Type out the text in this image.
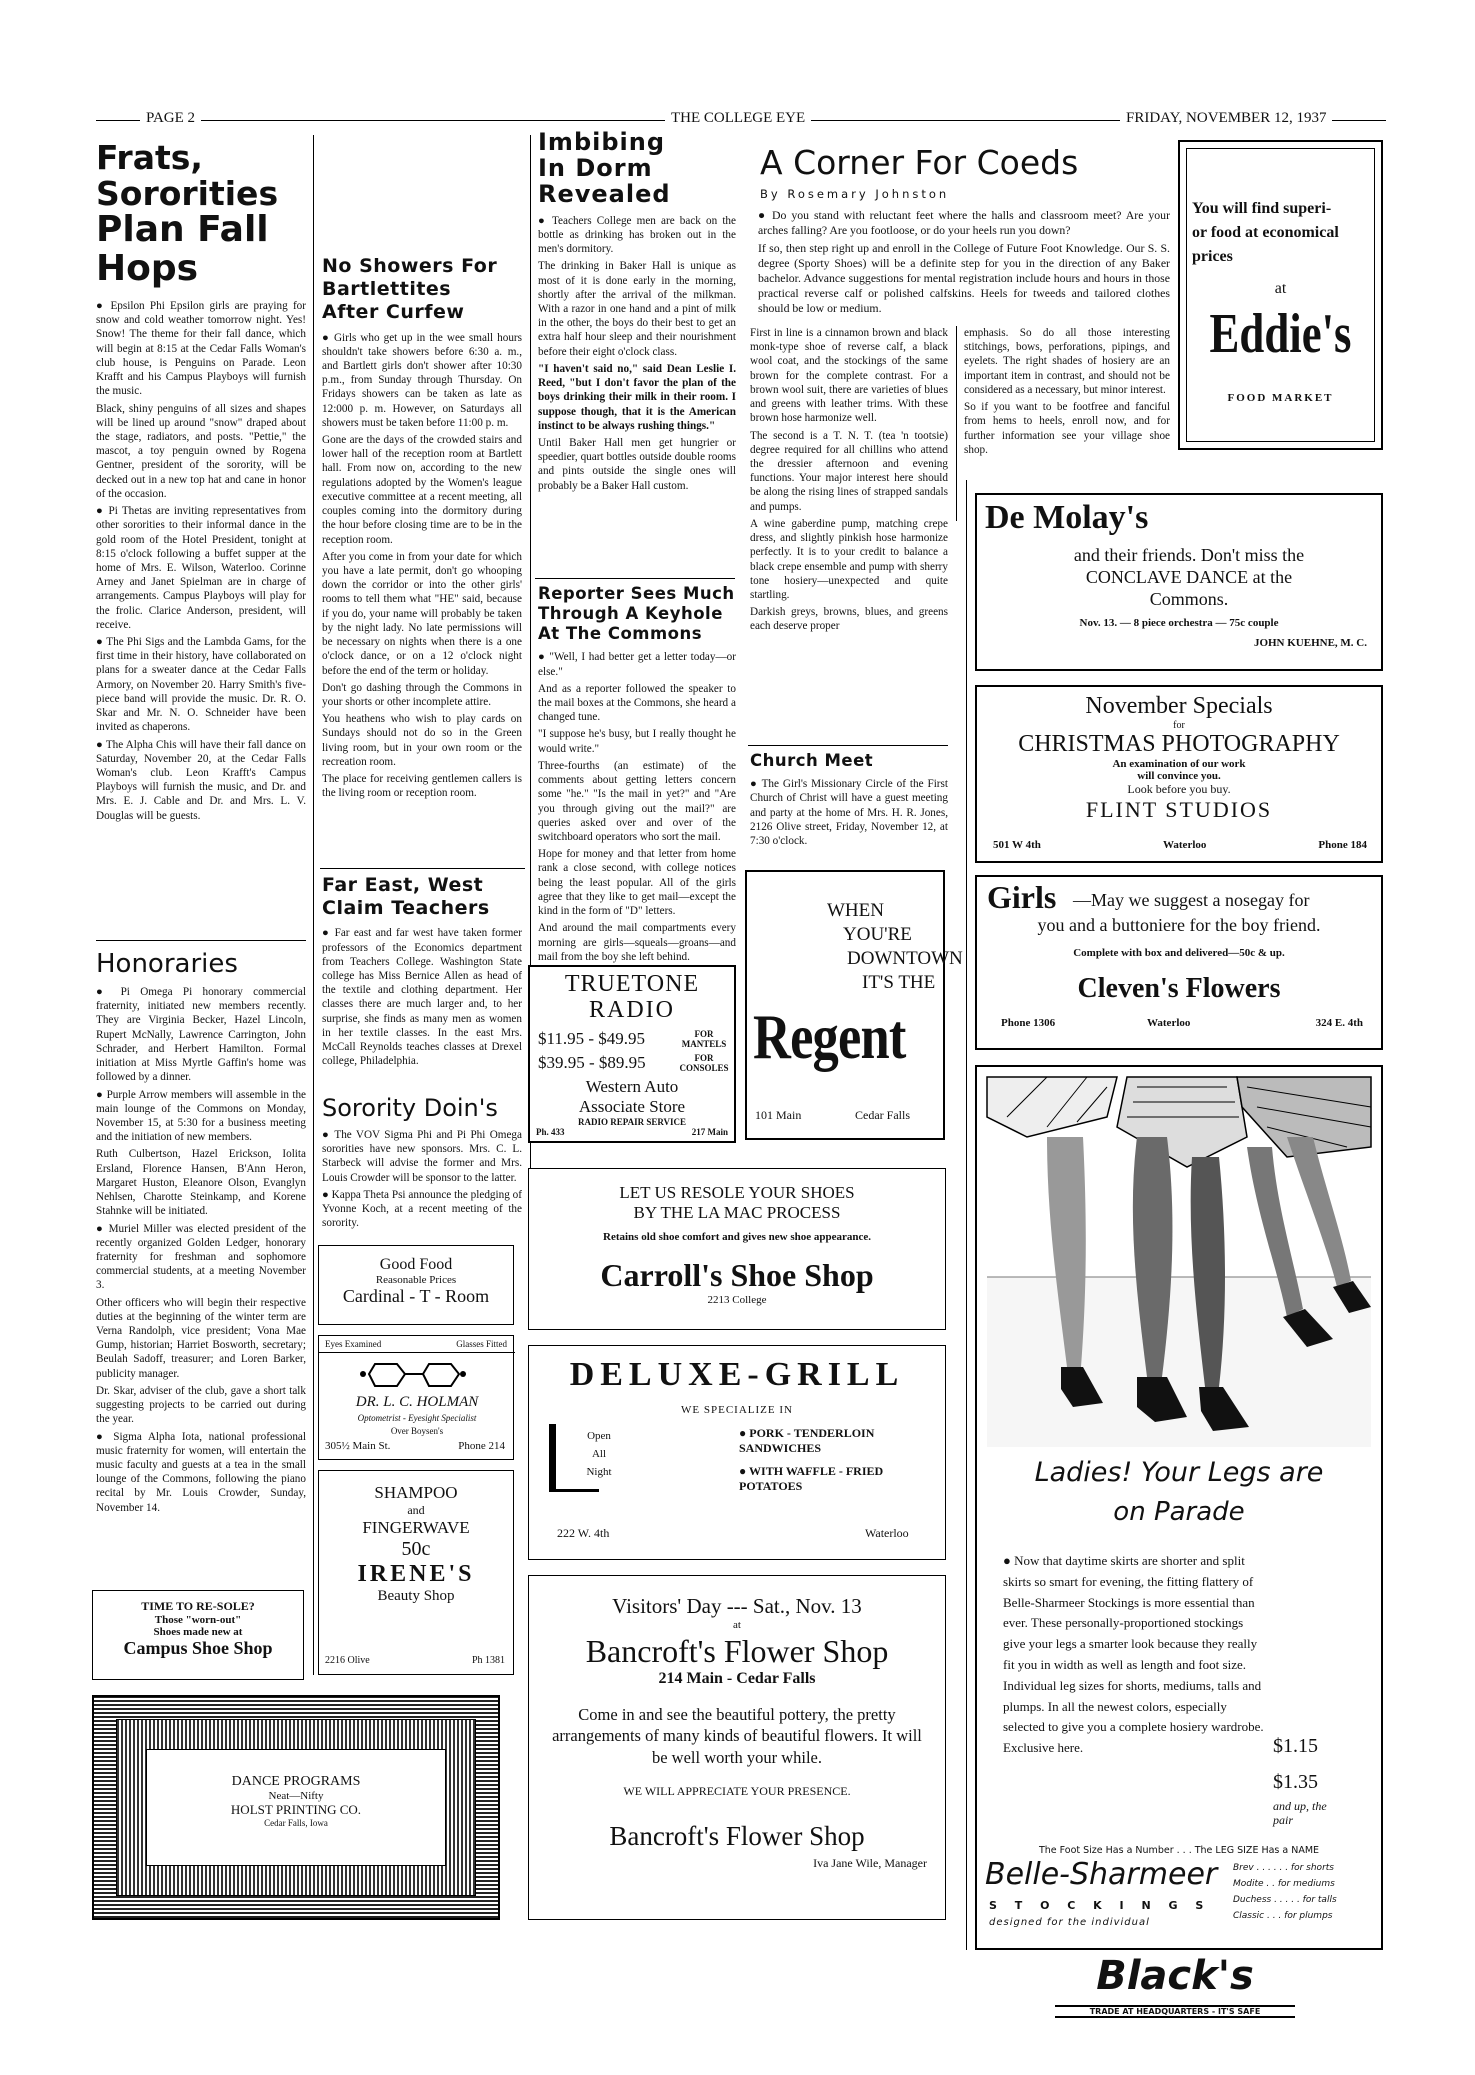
PAGE 2	THE COLLEGE EYE	FRIDAY, NOVEMBER 12, 1937
Frats, Sororities
Plan Fall Hops

● Epsilon Phi Epsilon girls are praying for snow and cold weather tomorrow night. Yes! Snow! The theme for their fall dance, which will begin at 8:15 at the Cedar Falls Woman's club house, is Penguins on Parade. Leon Krafft and his Campus Playboys will furnish the music.

Black, shiny penguins of all sizes and shapes will be lined up around "snow" draped about the stage, radiators, and posts. "Pettie," the mascot, a toy penguin owned by Rogena Gentner, president of the sorority, will be decked out in a new top hat and cane in honor of the occasion.

● Pi Thetas are inviting representatives from other sororities to their informal dance in the gold room of the Hotel President, tonight at 8:15 o'clock following a buffet supper at the home of Mrs. E. Wilson, Waterloo. Corinne Arney and Janet Spielman are in charge of arrangements. Campus Playboys will play for the frolic. Clarice Anderson, president, will receive.

● The Phi Sigs and the Lambda Gams, for the first time in their history, have collaborated on plans for a sweater dance at the Cedar Falls Armory, on November 20. Harry Smith's five-piece band will provide the music. Dr. R. O. Skar and Mr. N. O. Schneider have been invited as chaperons.

● The Alpha Chis will have their fall dance on Saturday, November 20, at the Cedar Falls Woman's club. Leon Krafft's Campus Playboys will furnish the music, and Dr. and Mrs. E. J. Cable and Dr. and Mrs. L. V. Douglas will be guests.

Honoraries

● Pi Omega Pi honorary commercial fraternity, initiated new members recently. They are Virginia Becker, Hazel Lincoln, Rupert McNally, Lawrence Carrington, John Schrader, and Herbert Hamilton. Formal initiation at Miss Myrtle Gaffin's home was followed by a dinner.

● Purple Arrow members will assemble in the main lounge of the Commons on Monday, November 15, at 5:30 for a business meeting and the initiation of new members.

Ruth Culbertson, Hazel Erickson, Iolita Ersland, Florence Hansen, B'Ann Heron, Margaret Huston, Eleanore Olson, Evanglyn Nehlsen, Charotte Steinkamp, and Korene Stahnke will be initiated.

● Muriel Miller was elected president of the recently organized Golden Ledger, honorary fraternity for freshman and sophomore commercial students, at a meeting November 3.

Other officers who will begin their respective duties at the beginning of the winter term are Verna Randolph, vice president; Vona Mae Gump, historian; Harriet Bosworth, secretary; Beulah Sadoff, treasurer; and Loren Barker, publicity manager.

Dr. Skar, adviser of the club, gave a short talk suggesting projects to be carried out during the year.

● Sigma Alpha Iota, national professional music fraternity for women, will entertain the music faculty and guests at a tea in the small lounge of the Commons, following the piano recital by Mr. Louis Crowder, Sunday, November 14.

TIME TO RE-SOLE?
Those "worn-out"
Shoes made new at
Campus Shoe Shop
DANCE PROGRAMS
Neat—Nifty
HOLST PRINTING CO.
Cedar Falls, Iowa
No Showers For
Bartlettites
After Curfew

● Girls who get up in the wee small hours shouldn't take showers before 6:30 a. m., and Bartlett girls don't shower after 10:30 p.m., from Sunday through Thursday. On Fridays showers can be taken as late as 12:000 p. m. However, on Saturdays all showers must be taken before 11:00 p. m.

Gone are the days of the crowded stairs and lower hall of the reception room at Bartlett hall. From now on, according to the new regulations adopted by the Women's league executive committee at a recent meeting, all couples coming into the dormitory during the hour before closing time are to be in the reception room.

After you come in from your date for which you have a late permit, don't go whooping down the corridor or into the other girls' rooms to tell them what "HE" said, because if you do, your name will probably be taken by the night lady. No late permissions will be necessary on nights when there is a one o'clock dance, or on a 12 o'clock night before the end of the term or holiday.

Don't go dashing through the Commons in your shorts or other incomplete attire.

You heathens who wish to play cards on Sundays should not do so in the Green living room, but in your own room or the recreation room.

The place for receiving gentlemen callers is the living room or reception room.

Far East, West
Claim Teachers

● Far east and far west have taken former professors of the Economics department from Teachers College. Washington State college has Miss Bernice Allen as head of the textile and clothing department. Her classes there are much larger and, to her surprise, she finds as many men as women in her textile classes. In the east Mrs. McCall Reynolds teaches classes at Drexel college, Philadelphia.

Sorority Doin's

● The VOV Sigma Phi and Pi Phi Omega sororities have new sponsors. Mrs. C. L. Starbeck will advise the former and Mrs. Louis Crowder will be sponsor to the latter.

● Kappa Theta Psi announce the pledging of Yvonne Koch, at a recent meeting of the sorority.

Good Food
Reasonable Prices
Cardinal - T - Room
Eyes Examined	Glasses Fitted
DR. L. C. HOLMAN
Optometrist - Eyesight Specialist
Over Boysen's
305½ Main St.	Phone 214
SHAMPOO
and
FINGERWAVE
50c
IRENE'S
Beauty Shop
2216 Olive	Ph 1381
Imbibing
In Dorm
Revealed

● Teachers College men are back on the bottle as drinking has broken out in the men's dormitory.

The drinking in Baker Hall is unique as most of it is done early in the morning, shortly after the arrival of the milkman. With a razor in one hand and a pint of milk in the other, the boys do their best to get an extra half hour sleep and their nourishment before their eight o'clock class.

"I haven't said no," said Dean Leslie I. Reed, "but I don't favor the plan of the boys drinking their milk in their room. I suppose though, that it is the American instinct to be always rushing things."

Until Baker Hall men get hungrier or speedier, quart bottles outside double rooms and pints outside the single ones will probably be a Baker Hall custom.

Reporter Sees Much
Through A Keyhole
At The Commons

● "Well, I had better get a letter today—or else."

And as a reporter followed the speaker to the mail boxes at the Commons, she heard a changed tune.

"I suppose he's busy, but I really thought he would write."

Three-fourths (an estimate) of the comments about getting letters concern some "he." "Is the mail in yet?" and "Are you through giving out the mail?" are queries asked over and over of the switchboard operators who sort the mail.

Hope for money and that letter from home rank a close second, with college notices being the least popular. All of the girls agree that they like to get mail—except the kind in the form of "D" letters.

And around the mail compartments every morning are girls—squeals—groans—and mail from the boy she left behind.

TRUETONE
RADIO
$11.95 - $49.95	FOR MANTELS
$39.95 - $89.95	FOR CONSOLES
Western Auto
Associate Store
RADIO REPAIR SERVICE
Ph. 433	217 Main
A Corner For Coeds
By Rosemary Johnston

● Do you stand with reluctant feet where the halls and classroom meet? Are your arches falling? Are you footloose, or do your heels run you down?

If so, then step right up and enroll in the College of Future Foot Knowledge. Our S. S. degree (Sporty Shoes) will be a definite step for you in the direction of any Baker bachelor. Advance suggestions for mental registration include hours and hours in those practical reverse calf or polished calfskins. Heels for tweeds and tailored clothes should be low or medium.

First in line is a cinnamon brown and black monk-type shoe of reverse calf, a black wool coat, and the stockings of the same brown for the complete contrast. For a brown wool suit, there are varieties of blues and greens with leather trims. With these brown hose harmonize well.

The second is a T. N. T. (tea 'n tootsie) degree required for all chillins who attend the dressier afternoon and evening functions. Your major interest here should be along the rising lines of strapped sandals and pumps.

A wine gaberdine pump, matching crepe dress, and slightly pinkish hose harmonize perfectly. It is to your credit to balance a black crepe ensemble and pump with sherry tone hosiery—unexpected and quite startling.

Darkish greys, browns, blues, and greens each deserve proper

emphasis. So do all those interesting stitchings, bows, perforations, pipings, and eyelets. The right shades of hosiery are an important item in contrast, and should not be considered as a necessary, but minor interest.

So if you want to be footfree and fanciful from hems to heels, enroll now, and for further information see your village shoe shop.

Church Meet

● The Girl's Missionary Circle of the First Church of Christ will have a guest meeting and party at the home of Mrs. H. R. Jones, 2126 Olive street, Friday, November 12, at 7:30 o'clock.

WHEN
YOU'RE
DOWNTOWN
IT'S THE
Regent
101 Main	Cedar Falls
LET US RESOLE YOUR SHOES
BY THE LA MAC PROCESS
Retains old shoe comfort and gives new shoe appearance.
Carroll's Shoe Shop
2213 College
DELUXE-GRILL
WE SPECIALIZE IN
Open
All
Night
● PORK - TENDERLOIN SANDWICHES
● WITH WAFFLE - FRIED POTATOES
222 W. 4th	Waterloo
Visitors' Day --- Sat., Nov. 13
at
Bancroft's Flower Shop
214 Main - Cedar Falls
Come in and see the beautiful pottery, the pretty arrangements of many kinds of beautiful flowers. It will be well worth your while.
WE WILL APPRECIATE YOUR PRESENCE.
Bancroft's Flower Shop
Iva Jane Wile, Manager
You will find superi-
or food at economical
prices
at
Eddie's
FOOD MARKET
De Molay's
and their friends. Don't miss the
CONCLAVE DANCE at the
Commons.
Nov. 13. — 8 piece orchestra — 75c couple
JOHN KUEHNE, M. C.
November Specials
for
CHRISTMAS PHOTOGRAPHY
An examination of our work
will convince you.
Look before you buy.
FLINT STUDIOS
501 W 4th	Waterloo	Phone 184
Girls —May we suggest a nosegay for
you and a buttoniere for the boy friend.
Complete with box and delivered—50c & up.
Cleven's Flowers
Phone 1306	Waterloo	324 E. 4th
Ladies! Your Legs are
on Parade
● Now that daytime skirts are shorter and split skirts so smart for evening, the fitting flattery of Belle-Sharmeer Stockings is more essential than ever. These personally-proportioned stockings give your legs a smarter look because they really fit you in width as well as length and foot size. Individual leg sizes for shorts, mediums, talls and plumps. In all the newest colors, especially selected to give you a complete hosiery wardrobe. Exclusive here.	$1.15
$1.35
and up, the pair
The Foot Size Has a Number . . . The LEG SIZE Has a NAME
Belle-Sharmeer
S T O C K I N G S
designed for the individual
Brev . . . . . . for shorts
Modite . . for mediums
Duchess . . . . . for talls
Classic . . . for plumps
Black's
TRADE AT HEADQUARTERS - IT'S SAFE
